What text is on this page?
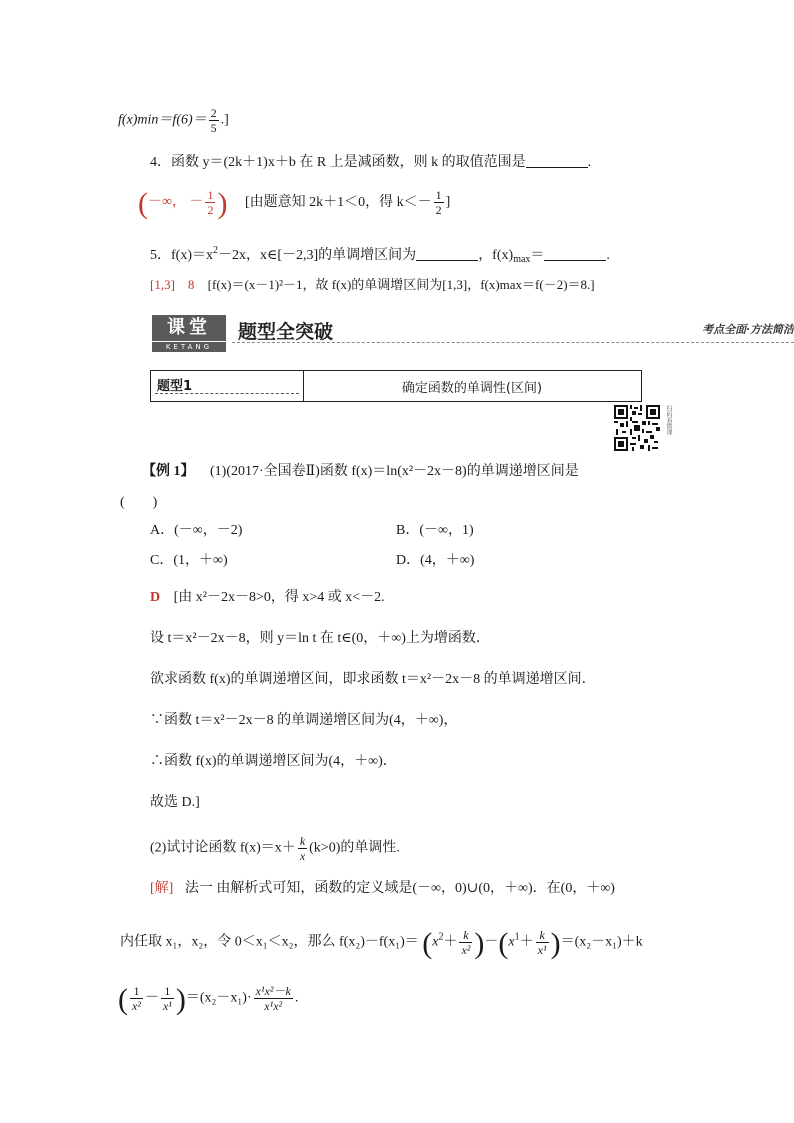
$f(x)\min=f(6)= \frac{2}{5}$ .]
4．函数 y＝(2k＋1)x＋b 在 R 上是减函数，则 k 的取值范围是	.
(－∞， － $\frac{1}{2}$ ) [由题意知 2k＋1＜0，得 $k<- \frac{1}{2}$ ]
5．$f(x)=x^2-2x$，x∈[－2,3]的单调增区间为	，$f(x)_{max}=$	.
[1,3]　8 [f(x)＝(x－1)²－1，故 f(x)的单调增区间为[1,3]，f(x)max＝f(－2)＝8.]
课堂
KETANG
题型全突破	考点全面·方法简洁
题型1	确定函数的单调性(区间)
扫码看微课
【例 1】 (1)(2017·全国卷Ⅱ)函数 f(x)＝ln(x²－2x－8)的单调递增区间是
(　　)
A．(－∞，－2)	B．(－∞，1)
C．(1，＋∞)	D．(4，＋∞)
D [由 x²－2x－8>0，得 x>4 或 x<－2.
设 t＝x²－2x－8，则 y＝ln t 在 t∈(0，＋∞)上为增函数．
欲求函数 f(x)的单调递增区间，即求函数 t＝x²－2x－8 的单调递增区间．
∵函数 t＝x²－2x－8 的单调递增区间为(4，＋∞)，
∴函数 f(x)的单调递增区间为(4，＋∞)．
故选 D.]
(2)试讨论函数 $f(x)=x+ \frac{k}{x} (k>0)$的单调性.
[解] 法一 由解析式可知，函数的定义域是(－∞，0)∪(0，＋∞)．在(0，＋∞)
内任取 x₁，x₂，令 0＜x₁＜x₂，那么 $f(x_2)-f(x_1)= (x^2+ \frac{k}{\text{x²}} )-(x^1+ \frac{k}{\text{x¹}} )=(x_2-x_1)+k$
( $\frac{1}{\text{x²}} - \frac{1}{\text{x¹}} )=(x_2-x_1)\cdot \frac{\text{x¹x²－k}}{\text{x¹x²}}$ .
